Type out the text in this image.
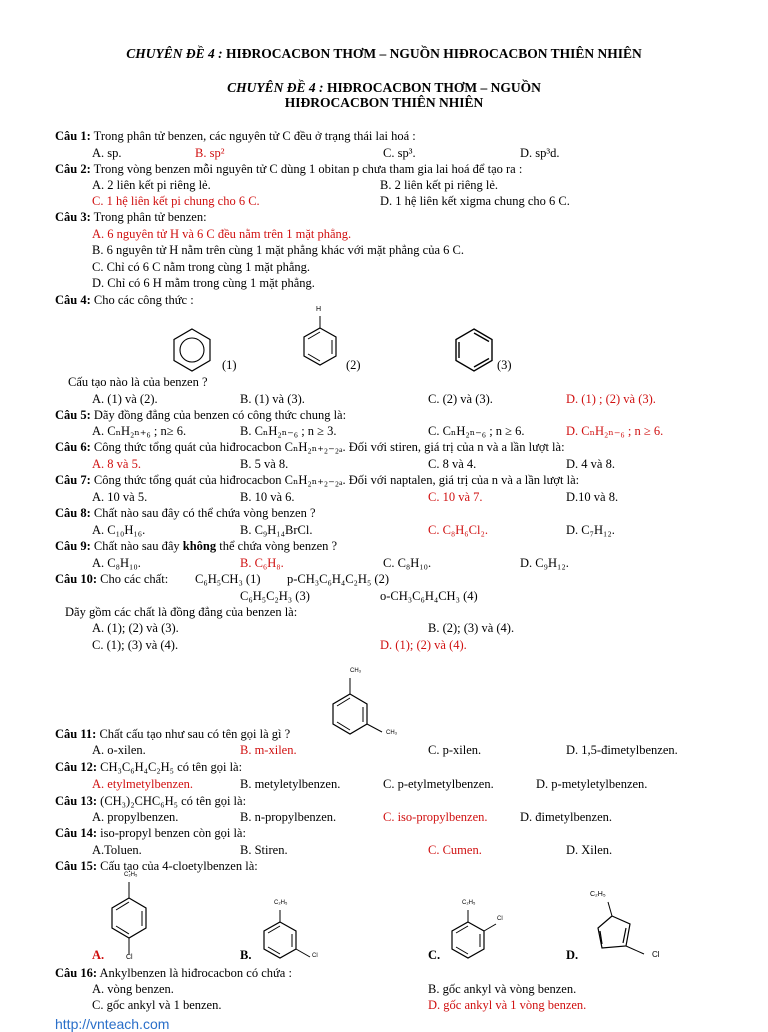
CHUYÊN ĐỀ 4 : HIĐROCACBON THƠM – NGUỒN HIĐROCACBON THIÊN NHIÊN
CHUYÊN ĐỀ 4 : HIĐROCACBON THƠM – NGUỒN
HIĐROCACBON THIÊN NHIÊN
Câu 1: Trong phân tử benzen, các nguyên tử C đều ở trạng thái lai hoá :
A. sp.	B. sp²	C. sp³.	D. sp³d.
Câu 2: Trong vòng benzen mỗi nguyên tử C dùng 1 obitan p chưa tham gia lai hoá để tạo ra :
A. 2 liên kết pi riêng lẻ.	B. 2 liên kết pi riêng lẻ.
C. 1 hệ liên kết pi chung cho 6 C.	D. 1 hệ liên kết xigma chung cho 6 C.
Câu 3: Trong phân tử benzen:
A. 6 nguyên tử H và 6 C đều nằm trên 1 mặt phẳng.
B. 6 nguyên tử H nằm trên cùng 1 mặt phẳng khác với mặt phẳng của 6 C.
C. Chỉ có 6 C nằm trong cùng 1 mặt phẳng.
D. Chỉ có 6 H mằm trong cùng 1 mặt phẳng.
Câu 4: Cho các công thức :
(1)
H
(2)	(3)
Cấu tạo nào là của benzen ?
A. (1) và (2).	B. (1) và (3).	C. (2) và (3).	D. (1) ; (2) và (3).
Câu 5: Dãy đồng đẳng của benzen có công thức chung là:
A. CₙH₂ₙ₊₆ ; n≥ 6.	B. CₙH₂ₙ₋₆ ; n ≥ 3.	C. CₙH₂ₙ₋₆ ; n ≥ 6.	D. CₙH₂ₙ₋₆ ; n ≥ 6.
Câu 6: Công thức tổng quát của hiđrocacbon CₙH₂ₙ₊₂₋₂ₐ. Đối với stiren, giá trị của n và a lần lượt là:
A. 8 và 5.	B. 5 và 8.	C. 8 và 4.	D. 4 và 8.
Câu 7: Công thức tổng quát của hiđrocacbon CₙH₂ₙ₊₂₋₂ₐ. Đối với naptalen, giá trị của n và a lần lượt là:
A. 10 và 5.	B. 10 và 6.	C. 10 và 7.	D.10 và 8.
Câu 8: Chất nào sau đây có thể chứa vòng benzen ?
A. C₁₀H₁₆.	B. C₉H₁₄BrCl.	C. C₈H₆Cl₂.	D. C₇H₁₂.
Câu 9: Chất nào sau đây không thể chứa vòng benzen ?
A. C₈H₁₀.	B. C₆H₈.	C. C₈H₁₀.	D. C₉H₁₂.
Câu 10: Cho các chất: C₆H₅CH₃ (1) p-CH₃C₆H₄C₂H₅ (2)
C₆H₅C₂H₃ (3)	o-CH₃C₆H₄CH₃ (4)
Dãy gồm các chất là đồng đẳng của benzen là:
A. (1); (2) và (3).	B. (2); (3) và (4).
C. (1); (3) và (4).	D. (1); (2) và (4).
CH₃
CH₃
Câu 11: Chất cấu tạo như sau có tên gọi là gì ?
A. o-xilen.	B. m-xilen.	C. p-xilen.	D. 1,5-đimetylbenzen.
Câu 12: CH₃C₆H₄C₂H₅ có tên gọi là:
A. etylmetylbenzen.	B. metyletylbenzen.	C. p-etylmetylbenzen.	D. p-metyletylbenzen.
Câu 13: (CH₃)₂CHC₆H₅ có tên gọi là:
A. propylbenzen.	B. n-propylbenzen.	C. iso-propylbenzen.	D. đimetylbenzen.
Câu 14: iso-propyl benzen còn gọi là:
A.Toluen.	B. Stiren.	C. Cumen.	D. Xilen.
Câu 15: Cấu tạo của 4-cloetylbenzen là:
C₂H₅
Cl
A.
C₂H₅
Cl
B.
C₂H₅
Cl
C.
C₂H₅
Cl
D.
Câu 16: Ankylbenzen là hiđrocacbon có chứa :
A. vòng benzen.	B. gốc ankyl và vòng benzen.
C. gốc ankyl và 1 benzen.	D. gốc ankyl và 1 vòng benzen.
http://vnteach.com
